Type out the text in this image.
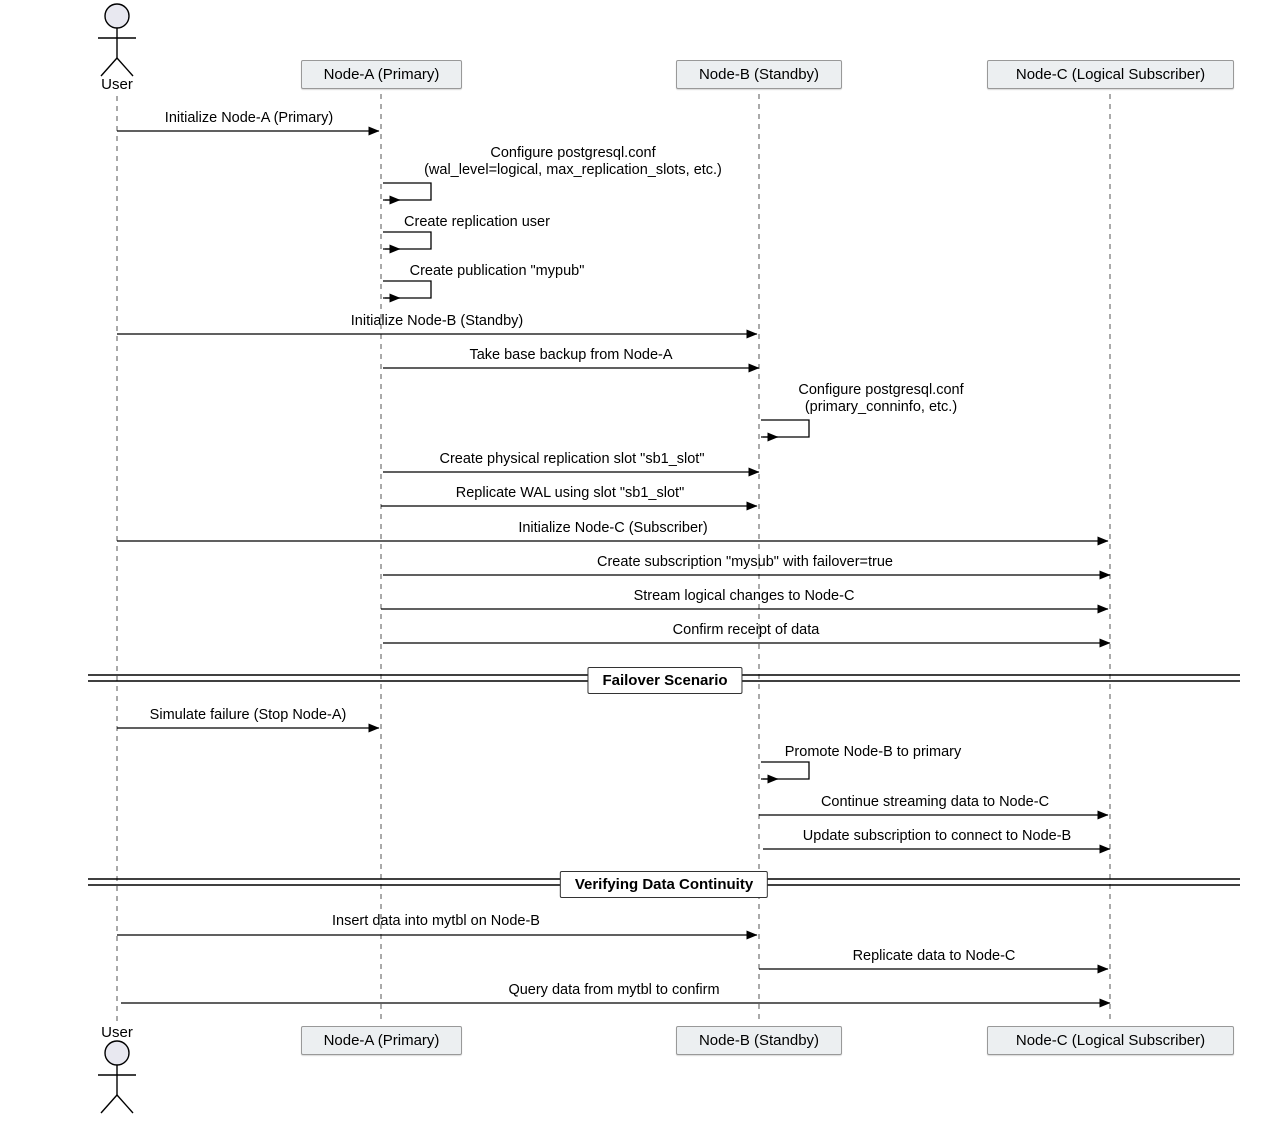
Node-A (Primary)	Node-B (Standby)	Node-C (Logical Subscriber)
User
Node-A (Primary)	Node-B (Standby)	Node-C (Logical Subscriber)
User
Initialize Node-A (Primary)
Configure postgresql.conf
(wal_level=logical, max_replication_slots, etc.)
Create replication user
Create publication "mypub"
Initialize Node-B (Standby)
Take base backup from Node-A
Configure postgresql.conf
(primary_conninfo, etc.)
Create physical replication slot "sb1_slot"
Replicate WAL using slot "sb1_slot"
Initialize Node-C (Subscriber)
Create subscription "mysub" with failover=true
Stream logical changes to Node-C
Confirm receipt of data
Simulate failure (Stop Node-A)
Promote Node-B to primary
Continue streaming data to Node-C
Update subscription to connect to Node-B
Insert data into mytbl on Node-B
Replicate data to Node-C
Query data from mytbl to confirm
Failover Scenario
Verifying Data Continuity
